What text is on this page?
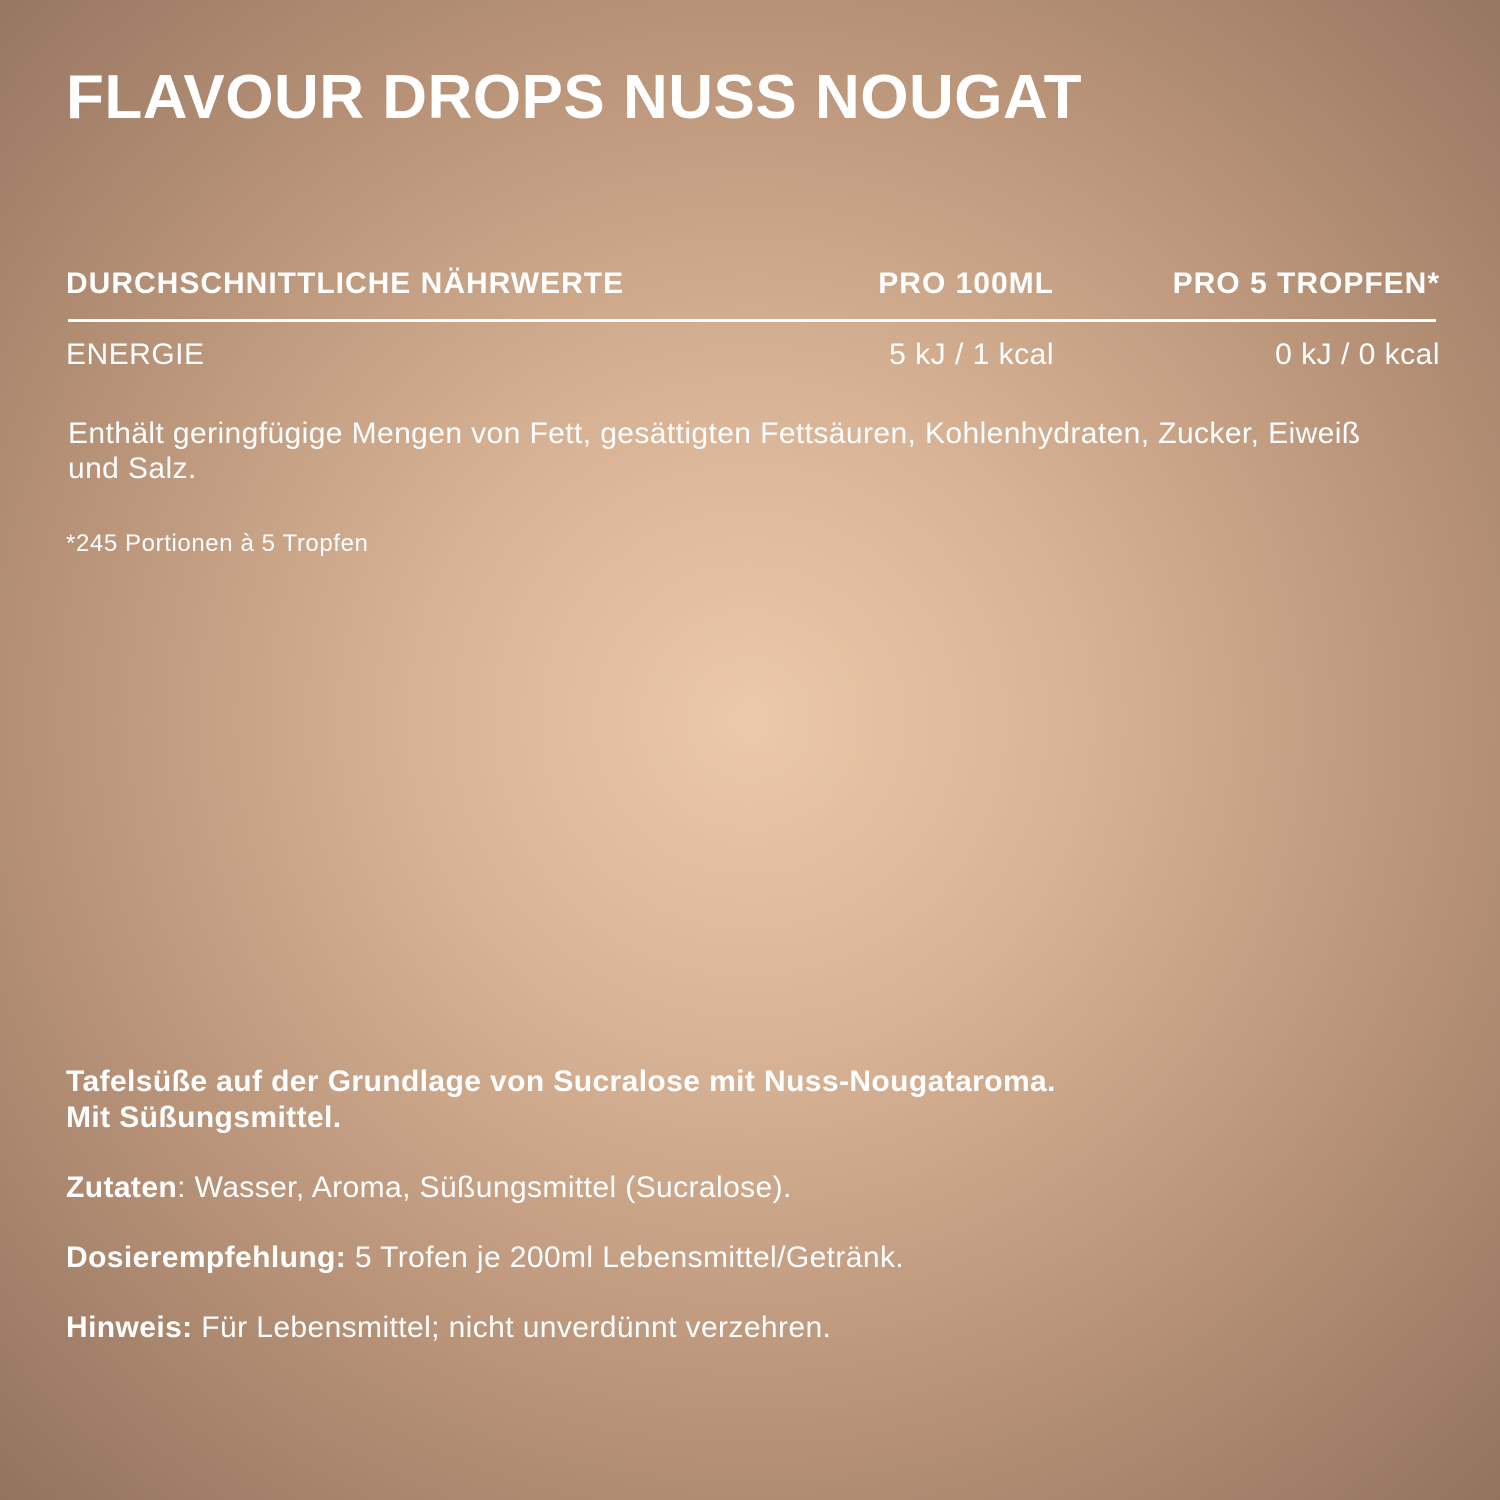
FLAVOUR DROPS NUSS NOUGAT
DURCHSCHNITTLICHE NÄHRWERTE	PRO 100ML	PRO 5 TROPFEN*
ENERGIE	5 kJ / 1 kcal	0 kJ / 0 kcal

Enthält geringfügige Mengen von Fett, gesättigten Fettsäuren, Kohlenhydraten, Zucker, Eiweiß und Salz.

*245 Portionen à 5 Tropfen

Tafelsüße auf der Grundlage von Sucralose mit Nuss-Nougataroma.
Mit Süßungsmittel.

Zutaten: Wasser, Aroma, Süßungsmittel (Sucralose).

Dosierempfehlung: 5 Trofen je 200ml Lebensmittel/Getränk.

Hinweis: Für Lebensmittel; nicht unverdünnt verzehren.
